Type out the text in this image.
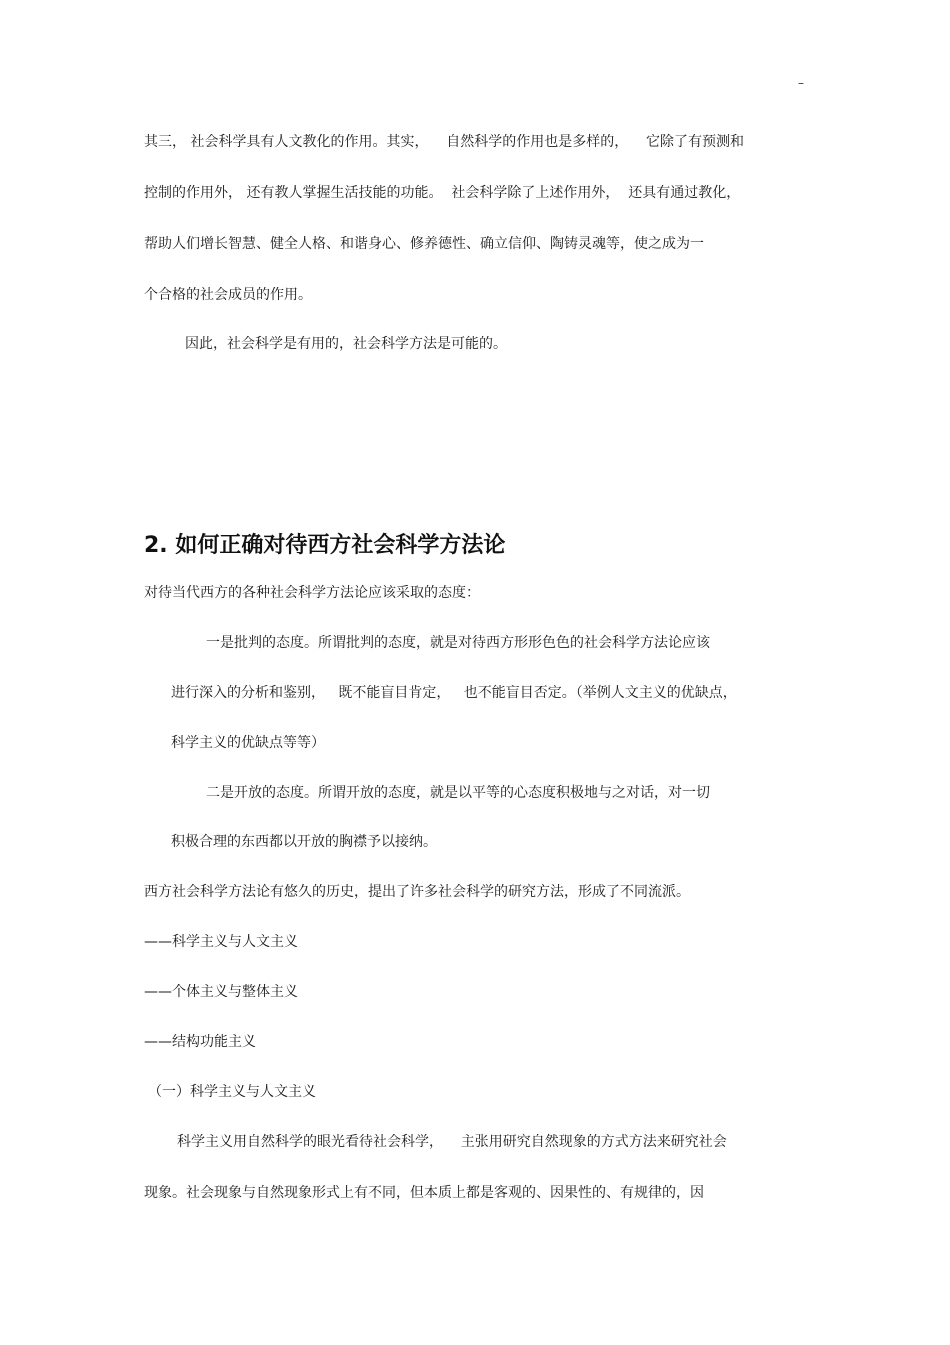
–

其三， 社会科学具有人文教化的作用。其实，    自然科学的作用也是多样的，    它除了有预测和

控制的作用外， 还有教人掌握生活技能的功能。  社会科学除了上述作用外，  还具有通过教化，

帮助人们增长智慧、健全人格、和谐身心、修养德性、确立信仰、陶铸灵魂等，使之成为一

个合格的社会成员的作用。

因此，社会科学是有用的，社会科学方法是可能的。

2. 如何正确对待西方社会科学方法论

对待当代西方的各种社会科学方法论应该采取的态度：

一是批判的态度。所谓批判的态度，就是对待西方形形色色的社会科学方法论应该

进行深入的分析和鉴别，   既不能盲目肯定，   也不能盲目否定。（举例人文主义的优缺点，

科学主义的优缺点等等）

二是开放的态度。所谓开放的态度，就是以平等的心态度积极地与之对话，对一切

积极合理的东西都以开放的胸襟予以接纳。

西方社会科学方法论有悠久的历史，提出了许多社会科学的研究方法，形成了不同流派。

——科学主义与人文主义

——个体主义与整体主义

——结构功能主义

（一）科学主义与人文主义

科学主义用自然科学的眼光看待社会科学，    主张用研究自然现象的方式方法来研究社会

现象。社会现象与自然现象形式上有不同，但本质上都是客观的、因果性的、有规律的，因
